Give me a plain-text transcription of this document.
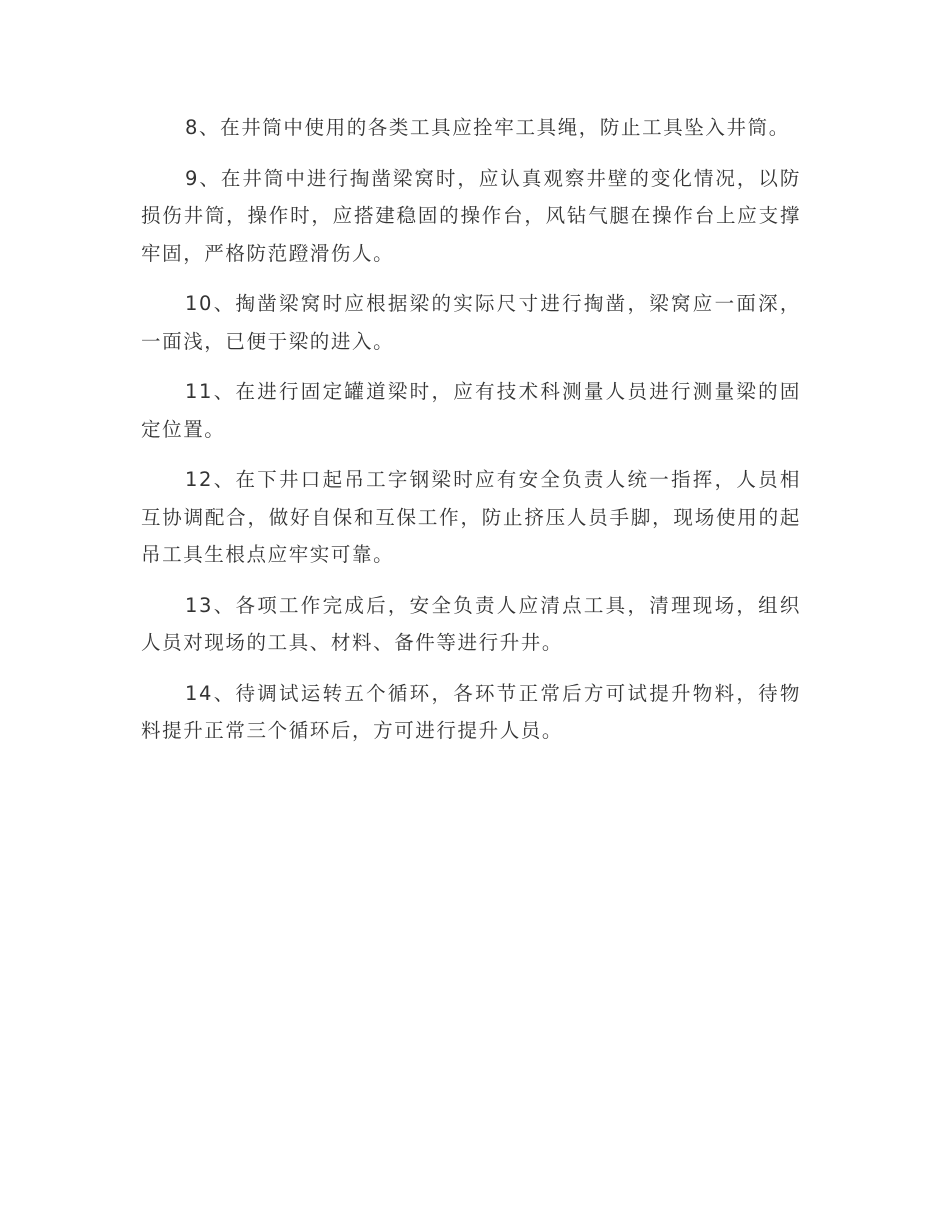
8、在井筒中使用的各类工具应拴牢工具绳，防止工具坠入井筒。

9、在井筒中进行掏凿梁窝时，应认真观察井壁的变化情况，以防损伤井筒，操作时，应搭建稳固的操作台，风钻气腿在操作台上应支撑牢固，严格防范蹬滑伤人。

10、掏凿梁窝时应根据梁的实际尺寸进行掏凿，梁窝应一面深，一面浅，已便于梁的进入。

11、在进行固定罐道梁时，应有技术科测量人员进行测量梁的固定位置。

12、在下井口起吊工字钢梁时应有安全负责人统一指挥，人员相互协调配合，做好自保和互保工作，防止挤压人员手脚，现场使用的起吊工具生根点应牢实可靠。

13、各项工作完成后，安全负责人应清点工具，清理现场，组织人员对现场的工具、材料、备件等进行升井。

14、待调试运转五个循环，各环节正常后方可试提升物料，待物料提升正常三个循环后，方可进行提升人员。
